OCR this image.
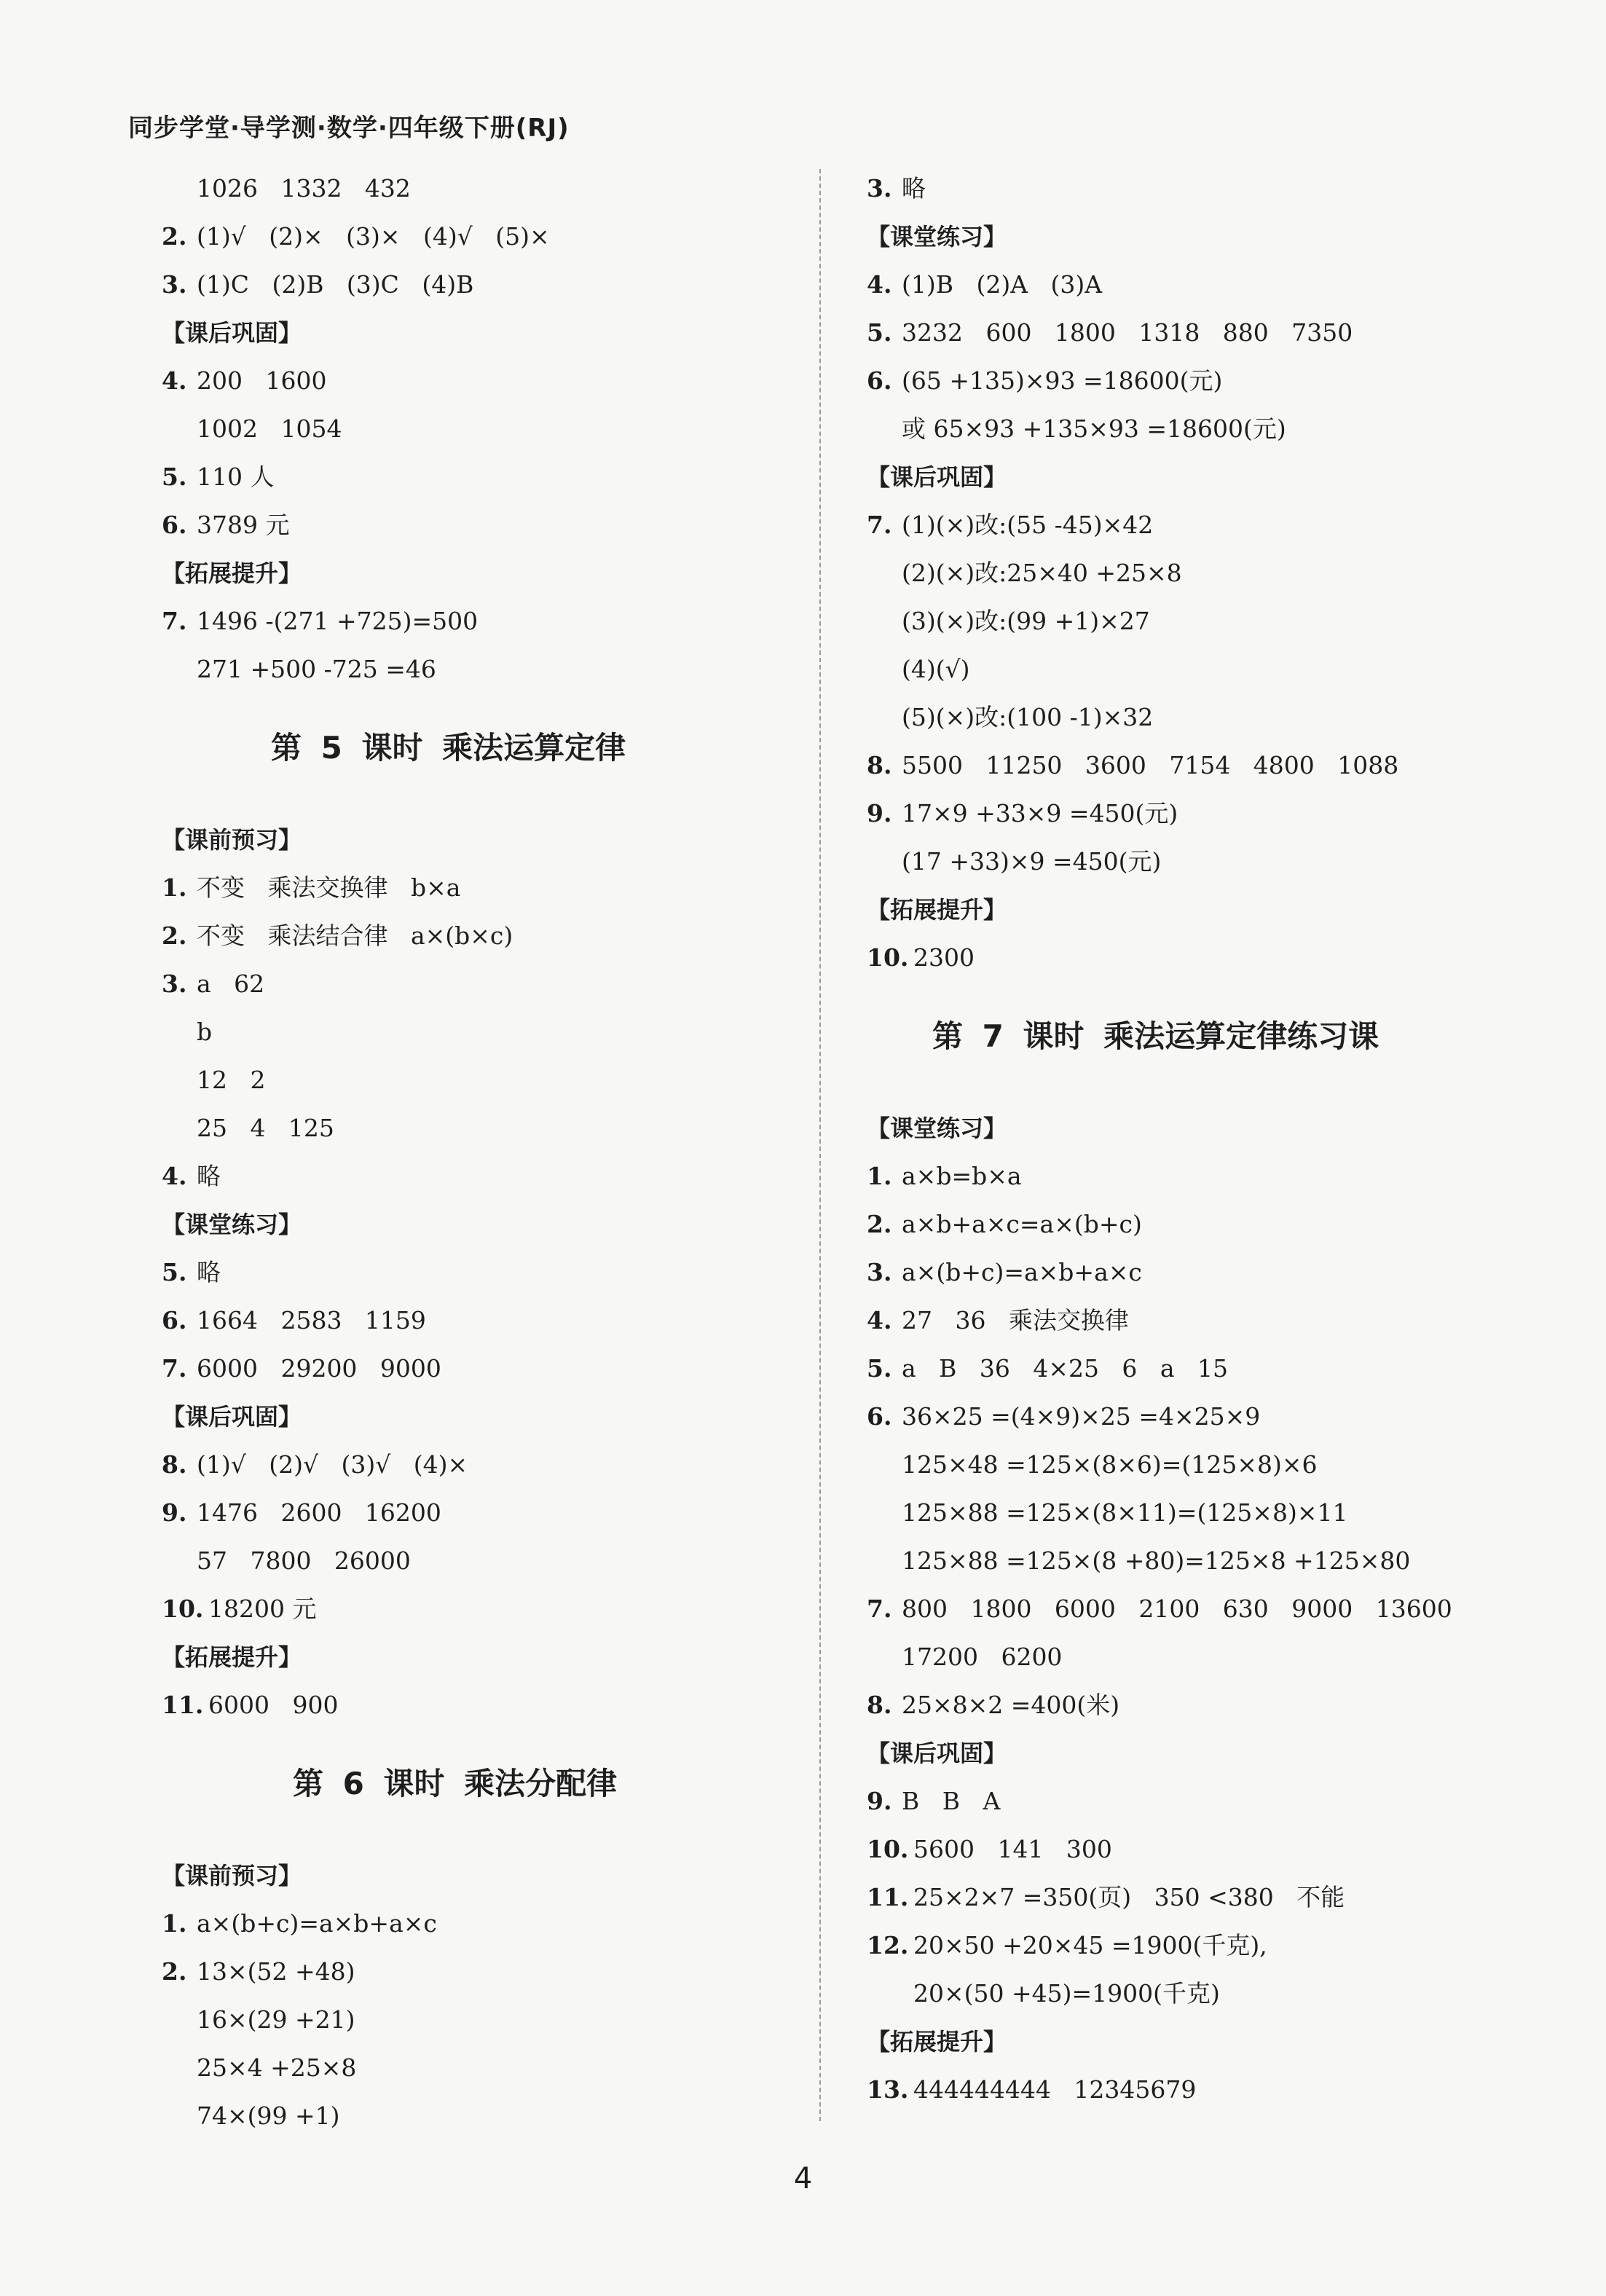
同步学堂·导学测·数学·四年级下册(RJ)
1026   1332   432
2. (1)√   (2)×   (3)×   (4)√   (5)×
3. (1)C   (2)B   (3)C   (4)B
【课后巩固】
4. 200   1600
1002   1054
5. 110 人
6. 3789 元
【拓展提升】
7. 1496 -(271 +725)=500
271 +500 -725 =46
第 5 课时 乘法运算定律
【课前预习】
1. 不变   乘法交换律   b×a
2. 不变   乘法结合律   a×(b×c)
3. a   62
b
12   2
25   4   125
4. 略
【课堂练习】
5. 略
6. 1664   2583   1159
7. 6000   29200   9000
【课后巩固】
8. (1)√   (2)√   (3)√   (4)×
9. 1476   2600   16200
57   7800   26000
10. 18200 元
【拓展提升】
11. 6000   900
第 6 课时 乘法分配律
【课前预习】
1. a×(b+c)=a×b+a×c
2. 13×(52 +48)
16×(29 +21)
25×4 +25×8
74×(99 +1)
3. 略
【课堂练习】
4. (1)B   (2)A   (3)A
5. 3232   600   1800   1318   880   7350
6. (65 +135)×93 =18600(元)
或 65×93 +135×93 =18600(元)
【课后巩固】
7. (1)(×)改:(55 -45)×42
(2)(×)改:25×40 +25×8
(3)(×)改:(99 +1)×27
(4)(√)
(5)(×)改:(100 -1)×32
8. 5500   11250   3600   7154   4800   1088
9. 17×9 +33×9 =450(元)
(17 +33)×9 =450(元)
【拓展提升】
10. 2300
第 7 课时 乘法运算定律练习课
【课堂练习】
1. a×b=b×a
2. a×b+a×c=a×(b+c)
3. a×(b+c)=a×b+a×c
4. 27   36   乘法交换律
5. a   B   36   4×25   6   a   15
6. 36×25 =(4×9)×25 =4×25×9
125×48 =125×(8×6)=(125×8)×6
125×88 =125×(8×11)=(125×8)×11
125×88 =125×(8 +80)=125×8 +125×80
7. 800   1800   6000   2100   630   9000   13600
17200   6200
8. 25×8×2 =400(米)
【课后巩固】
9. B   B   A
10. 5600   141   300
11. 25×2×7 =350(页)   350 <380   不能
12. 20×50 +20×45 =1900(千克),
20×(50 +45)=1900(千克)
【拓展提升】
13. 444444444   12345679
4
